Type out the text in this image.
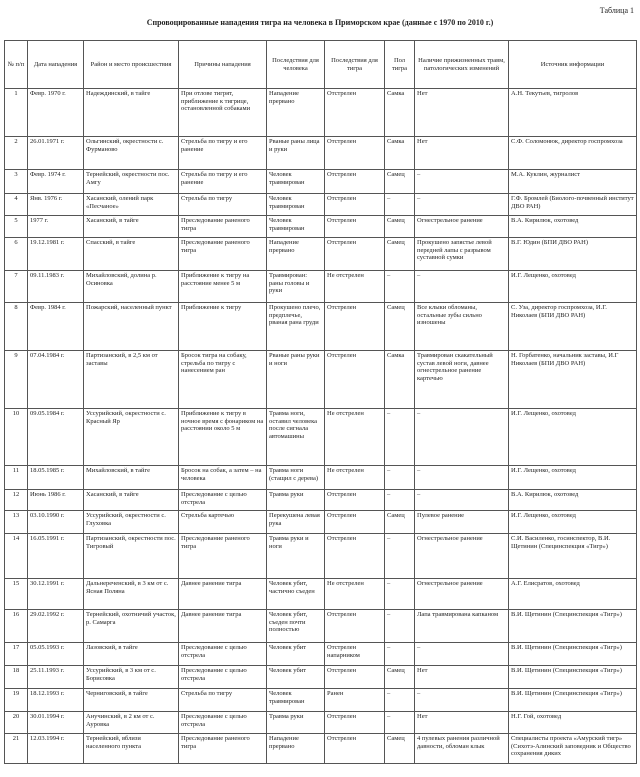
Таблица 1
Спровоцированные нападения тигра на человека в Приморском крае (данные с 1970 по 2010 г.)
№ п/п	Дата нападения	Район и место происшествия	Причины нападения	Последствия для человека	Последствия для тигра	Пол тигра	Наличие прижизненных травм, патологических изменений	Источник информации
1	Февр. 1970 г.	Надеждинский, в тайге	При отлове тигрят, приближение к тигрице, остановленной собаками	Нападение прервано	Отстрелен	Самка	Нет	А.Н. Текутьев, тигролов
2	26.01.1971 г.	Ольгинский, окрестности с. Фурманово	Стрельба по тигру и его ранение	Рваные раны лица и руки	Отстрелен	Самка	Нет	С.Ф. Соломонюк, директор госпромхоза
3	Февр. 1974 г.	Тернейский, окрестности пос. Амгу	Стрельба по тигру и его ранение	Человек травмирован	Отстрелен	Самец	–	М.А. Куклин, журналист
4	Янв. 1976 г.	Хасанский, олений парк «Песчаное»	Стрельба по тигру	Человек травмирован	Отстрелен	–	–	Г.Ф. Бромлей (Биолого-почвенный институт ДВО РАН)
5	1977 г.	Хасанский, в тайге	Преследование раненого тигра	Человек травмирован	Отстрелен	Самец	Огнестрельное ранение	В.А. Кирилюк, охотовед
6	19.12.1981 г.	Спасский, в тайге	Преследование раненого тигра	Нападение прервано	Отстрелен	Самец	Прокушено запястье левой передней лапы с разрывом суставной сумки	В.Г. Юдин (БПИ ДВО РАН)
7	09.11.1983 г.	Михайловский, долина р. Осиновка	Приближение к тигру на расстояние менее 5 м	Травмирован: раны головы и руки	Не отстрелен	–	–	И.Г. Лещенко, охотовед
8	Февр. 1984 г.	Пожарский, населенный пункт	Приближение к тигру	Прокушено плечо, предплечье, рваная рана груди	Отстрелен	Самец	Все клыки обломаны, остальные зубы сильно изношены	С. Уза, директор госпромхоза, И.Г. Николаев (БПИ ДВО РАН)
9	07.04.1984 г.	Партизанский, в 2,5 км от заставы	Бросок тигра на собаку, стрельба по тигру с нанесением ран	Рваные раны руки и ноги	Отстрелен	Самка	Травмирован скакательный сустав левой ноги, давнее огнестрельное ранение картечью	Н. Горбатенко, начальник заставы, И.Г Николаев (БПИ ДВО РАН)
10	09.05.1984 г.	Уссурийский, окрестности с. Красный Яр	Приближение к тигру в ночное время с фонариком на расстоянии около 5 м	Травма ноги, оставил человека после сигнала автомашины	Не отстрелен	–	–	И.Г. Лещенко, охотовед
11	18.05.1985 г.	Михайловский, в тайге	Бросок на собак, а затем – на человека	Травма ноги (стащил с дерева)	Не отстрелен	–	–	И.Г. Лещенко, охотовед
12	Июнь 1986 г.	Хасанский, в тайге	Преследование с целью отстрела	Травма руки	Отстрелен	–	–	В.А. Кирилюк, охотовед
13	03.10.1990 г.	Уссурийский, окрестности с. Глуховка	Стрельба картечью	Перекушена левая рука	Отстрелен	Самец	Пулевое ранение	И.Г. Лещенко, охотовед
14	16.05.1991 г.	Партизанский, окрестности пос. Тигровый	Преследование раненого тигра	Травма руки и ноги	Отстрелен	–	Огнестрельное ранение	С.И. Василенко, госинспектор, В.И. Щетинин (Специнспекция «Тигр»)
15	30.12.1991 г.	Дальнереченский, в 3 км от с. Ясная Поляна	Давнее ранение тигра	Человек убит, частично съеден	Не отстрелен	–	Огнестрельное ранение	А.Г. Елисратов, охотовед
16	29.02.1992 г.	Тернейский, охотничий участок, р. Самарга	Давнее ранение тигра	Человек убит, съеден почти полностью	Отстрелен	–	Лапа травмирована капканом	В.И. Щетинин (Специнспекция «Тигр»)
17	05.05.1993 г.	Лазовский, в тайге	Преследование с целью отстрела	Человек убит	Отстрелен напарником	–	–	В.И. Щетинин (Специнспекция «Тигр»)
18	25.11.1993 г.	Уссурийский, в 3 км от с. Борисовка	Преследование с целью отстрела	Человек убит	Отстрелен	Самец	Нет	В.И. Щетинин (Специнспекция «Тигр»)
19	18.12.1993 г.	Черниговский, в тайге	Стрельба по тигру	Человек травмирован	Ранен	–	–	В.И. Щетинин (Специнспекция «Тигр»)
20	30.01.1994 г.	Анучинский, в 2 км от с. Ауровка	Преследование с целью отстрела	Травма руки	Отстрелен	–	Нет	Н.Г. Гой, охотовед
21	12.03.1994 г.	Тернейский, вблизи населенного пункта	Преследование раненого тигра	Нападение прервано	Отстрелен	Самец	4 пулевых ранения различной давности, обломан клык	Специалисты проекта «Амурский тигр» (Сихотэ-Алинский заповедник и Общество сохранения диких
